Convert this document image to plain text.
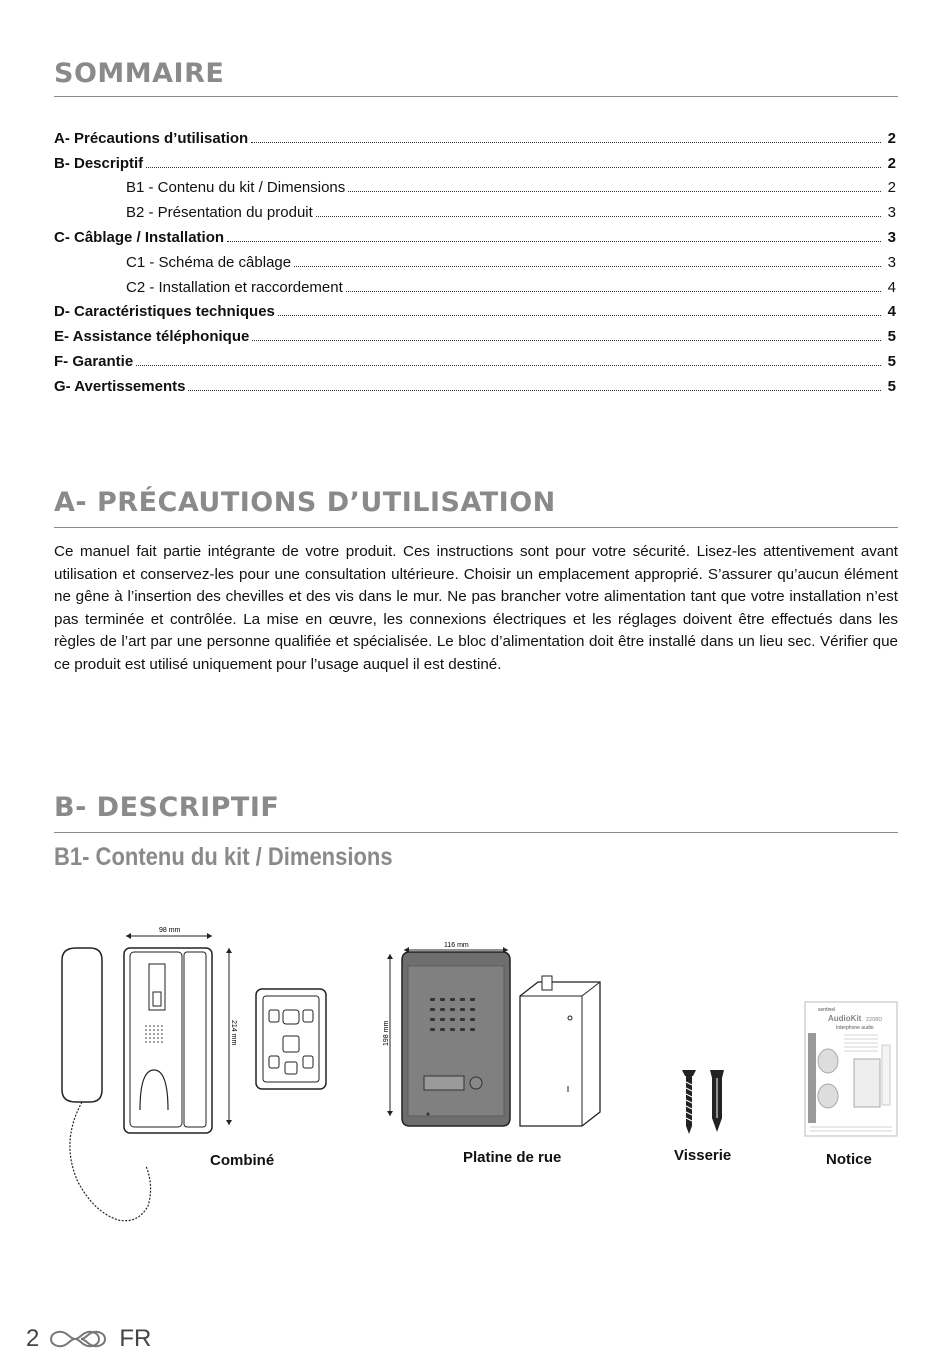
SOMMAIRE
A- Précautions d’utilisation	2
B- Descriptif	2
B1 - Contenu du kit / Dimensions	2
B2 - Présentation du produit	3
C- Câblage / Installation	3
C1 - Schéma de câblage	3
C2 - Installation et raccordement	4
D- Caractéristiques techniques	4
E- Assistance téléphonique	5
F- Garantie	5
G- Avertissements	5
A- PRÉCAUTIONS D’UTILISATION

Ce manuel fait partie intégrante de votre produit. Ces instructions sont pour votre sécurité. Lisez-les attentivement avant utilisation et conservez-les pour une consultation ultérieure. Choisir un emplacement approprié. S’assurer qu’aucun élément ne gêne à l’insertion des chevilles et des vis dans le mur. Ne pas brancher votre alimentation tant que votre installation n’est pas terminée et contrôlée. La mise en œuvre, les connexions électriques et les réglages doivent être effectués dans les règles de l’art par une personne qualifiée et spécialisée. Le bloc d’alimentation doit être installé dans un lieu sec. Vérifier que ce produit est utilisé uniquement pour l’usage auquel il est destiné.

B- DESCRIPTIF
B1- Contenu du kit / Dimensions
98 mm
214 mm
Combiné
116 mm
198 mm
Platine de rue	Visserie
sentinel
AudioKit 2208D
Interphone audio
Notice
2	FR
